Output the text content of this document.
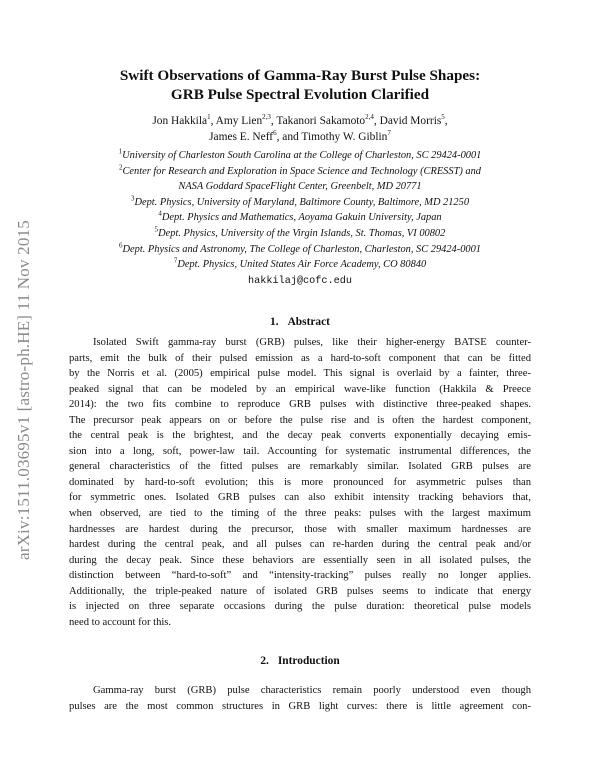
arXiv:1511.03695v1 [astro-ph.HE] 11 Nov 2015
Swift Observations of Gamma-Ray Burst Pulse Shapes:
GRB Pulse Spectral Evolution Clarified
Jon Hakkila$^1$, Amy Lien$^{2,3}$, Takanori Sakamoto$^{2,4}$, David Morris$^5$,
James E. Neff$^6$, and Timothy W. Giblin$^7$
$^1$University of Charleston South Carolina at the College of Charleston, SC 29424-0001
$^2$Center for Research and Exploration in Space Science and Technology (CRESST) and
NASA Goddard SpaceFlight Center, Greenbelt, MD 20771
$^3$Dept. Physics, University of Maryland, Baltimore County, Baltimore, MD 21250
$^4$Dept. Physics and Mathematics, Aoyama Gakuin University, Japan
$^5$Dept. Physics, University of the Virgin Islands, St. Thomas, VI 00802
$^6$Dept. Physics and Astronomy, The College of Charleston, Charleston, SC 29424-0001
$^7$Dept. Physics, United States Air Force Academy, CO 80840
hakkilaj@cofc.edu
1. Abstract
Isolated Swift gamma-ray burst (GRB) pulses, like their higher-energy BATSE counter-
parts, emit the bulk of their pulsed emission as a hard-to-soft component that can be fitted
by the Norris et al. (2005) empirical pulse model. This signal is overlaid by a fainter, three-
peaked signal that can be modeled by an empirical wave-like function (Hakkila & Preece
2014): the two fits combine to reproduce GRB pulses with distinctive three-peaked shapes.
The precursor peak appears on or before the pulse rise and is often the hardest component,
the central peak is the brightest, and the decay peak converts exponentially decaying emis-
sion into a long, soft, power-law tail. Accounting for systematic instrumental differences, the
general characteristics of the fitted pulses are remarkably similar. Isolated GRB pulses are
dominated by hard-to-soft evolution; this is more pronounced for asymmetric pulses than
for symmetric ones. Isolated GRB pulses can also exhibit intensity tracking behaviors that,
when observed, are tied to the timing of the three peaks: pulses with the largest maximum
hardnesses are hardest during the precursor, those with smaller maximum hardnesses are
hardest during the central peak, and all pulses can re-harden during the central peak and/or
during the decay peak. Since these behaviors are essentially seen in all isolated pulses, the
distinction between “hard-to-soft” and “intensity-tracking” pulses really no longer applies.
Additionally, the triple-peaked nature of isolated GRB pulses seems to indicate that energy
is injected on three separate occasions during the pulse duration: theoretical pulse models
need to account for this.
2. Introduction
Gamma-ray burst (GRB) pulse characteristics remain poorly understood even though
pulses are the most common structures in GRB light curves: there is little agreement con-
